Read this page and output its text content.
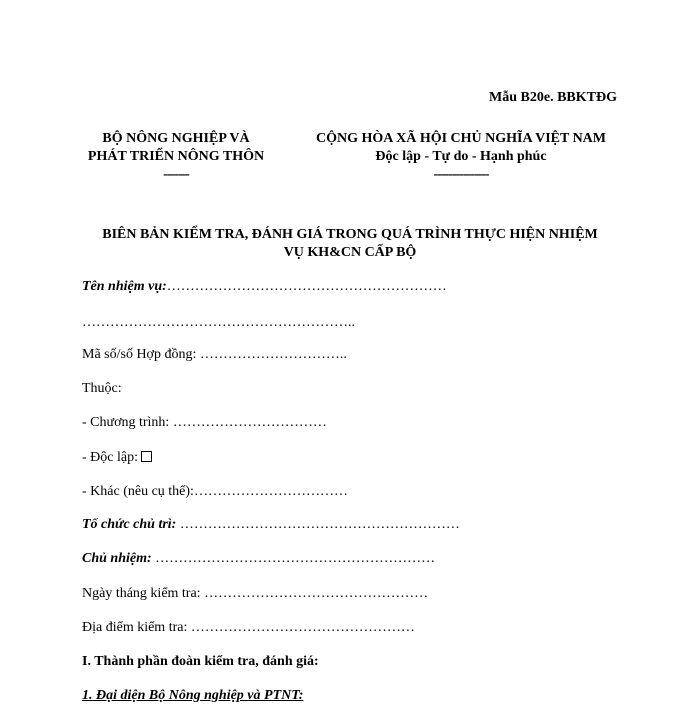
Mẫu B20e. BBKTĐG
BỘ NÔNG NGHIỆP VÀ
PHÁT TRIỂN NÔNG THÔN
-------
CỘNG HÒA XÃ HỘI CHỦ NGHĨA VIỆT NAM
Độc lập - Tự do - Hạnh phúc
---------------
BIÊN BẢN KIỂM TRA, ĐÁNH GIÁ TRONG QUÁ TRÌNH THỰC HIỆN NHIỆM
VỤ KH&CN CẤP BỘ
Tên nhiệm vụ:……………………………………………………
…………………………………………………..
Mã số/số Hợp đồng: …………………………..
Thuộc:
- Chương trình: ……………………………
- Độc lập:
- Khác (nêu cụ thể):……………………………
Tổ chức chủ trì: ……………………………………………………
Chủ nhiệm: ……………………………………………………
Ngày tháng kiểm tra: …………………………………………
Địa điểm kiểm tra: …………………………………………
I. Thành phần đoàn kiểm tra, đánh giá:
1. Đại diện Bộ Nông nghiệp và PTNT:
